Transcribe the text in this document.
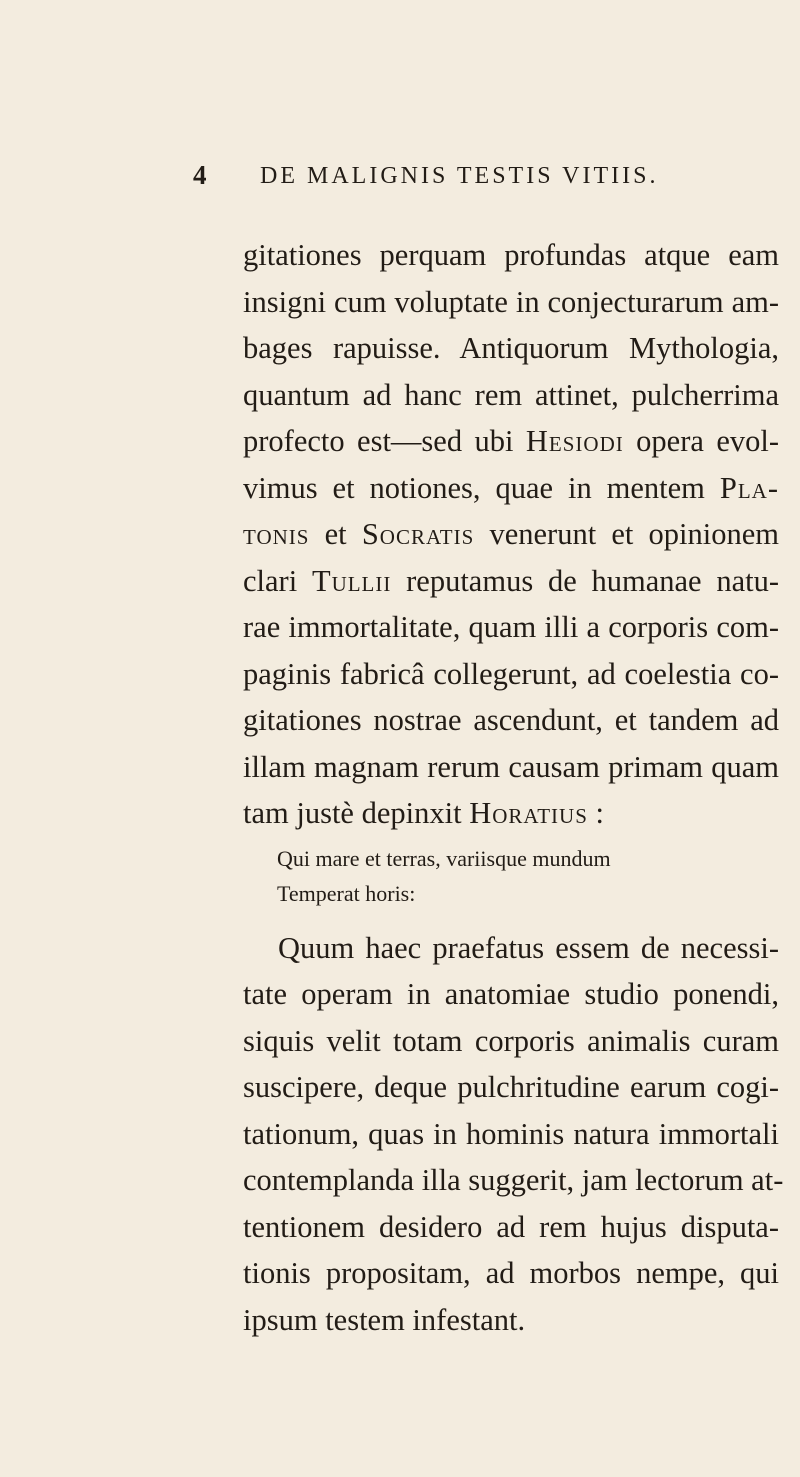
4 DE MALIGNIS TESTIS VITIIS.
gitationes perquam profundas atque eam
insigni cum voluptate in conjecturarum am-
bages rapuisse. Antiquorum Mythologia,
quantum ad hanc rem attinet, pulcherrima
profecto est—sed ubi Hesiodi opera evol-
vimus et notiones, quae in mentem Pla-
tonis et Socratis venerunt et opinionem
clari Tullii reputamus de humanae natu-
rae immortalitate, quam illi a corporis com-
paginis fabricâ collegerunt, ad coelestia co-
gitationes nostrae ascendunt, et tandem ad
illam magnam rerum causam primam quam
tam justè depinxit Horatius :
Qui mare et terras, variisque mundum
Temperat horis:
Quum haec praefatus essem de necessi-
tate operam in anatomiae studio ponendi,
siquis velit totam corporis animalis curam
suscipere, deque pulchritudine earum cogi-
tationum, quas in hominis natura immortali
contemplanda illa suggerit, jam lectorum at-
tentionem desidero ad rem hujus disputa-
tionis propositam, ad morbos nempe, qui
ipsum testem infestant.
